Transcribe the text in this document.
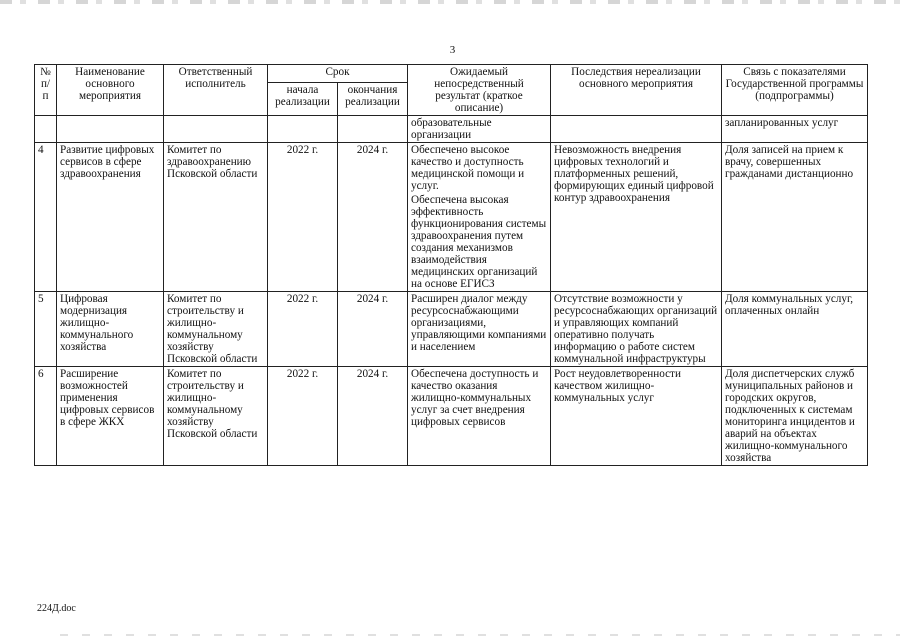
3
№ п/п	Наименование основного мероприятия	Ответственный исполнитель	Срок		Ожидаемый непосредственный результат (краткое описание)	Последствия нереализации основного мероприятия	Связь с показателями Государственной программы (подпрограммы)
			начала реализации	окончания реализации			
					образовательные организации		запланированных услуг
4	Развитие цифровых сервисов в сфере здравоохранения	Комитет по здравоохранению Псковской области	2022 г.	2024 г.	Обеспечено высокое качество и доступность медицинской помощи и услуг.
Обеспечена высокая эффективность функционирования системы здравоохранения путем создания механизмов взаимодействия медицинских организаций на основе ЕГИСЗ	Невозможность внедрения цифровых технологий и платформенных решений, формирующих единый цифровой контур здравоохранения	Доля записей на прием к врачу, совершенных гражданами дистанционно
5	Цифровая модернизация жилищно-коммунального хозяйства	Комитет по строительству и жилищно-коммунальному хозяйству Псковской области	2022 г.	2024 г.	Расширен диалог между ресурсоснабжающими организациями, управляющими компаниями и населением	Отсутствие возможности у ресурсоснабжающих организаций и управляющих компаний оперативно получать информацию о работе систем коммунальной инфраструктуры	Доля коммунальных услуг, оплаченных онлайн
6	Расширение возможностей применения цифровых сервисов в сфере ЖКХ	Комитет по строительству и жилищно-коммунальному хозяйству Псковской области	2022 г.	2024 г.	Обеспечена доступность и качество оказания жилищно-коммунальных услуг за счет внедрения цифровых сервисов	Рост неудовлетворенности качеством жилищно-коммунальных услуг	Доля диспетчерских служб муниципальных районов и городских округов, подключенных к системам мониторинга инцидентов и аварий на объектах жилищно-коммунального хозяйства
224Д.doc
